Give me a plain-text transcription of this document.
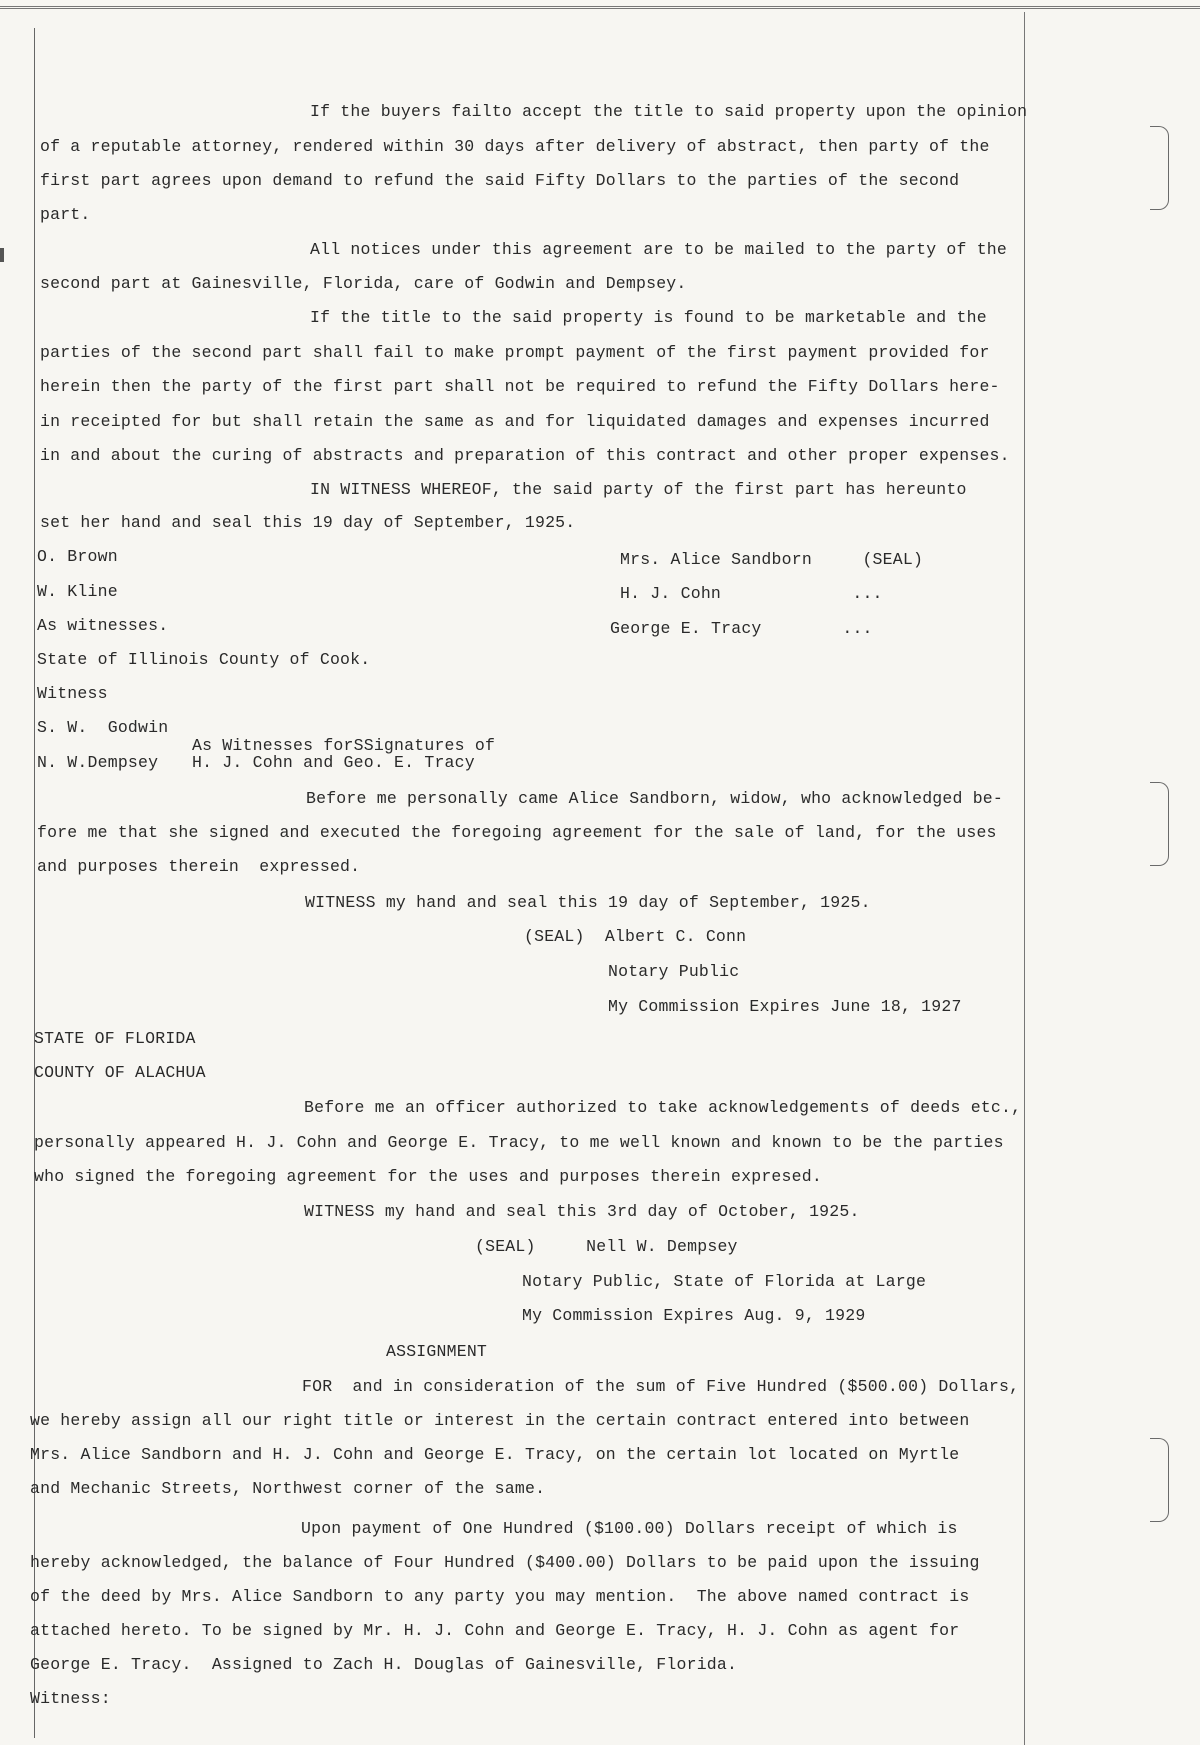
If the buyers failto accept the title to said property upon the opinion
of a reputable attorney, rendered within 30 days after delivery of abstract, then party of the
first part agrees upon demand to refund the said Fifty Dollars to the parties of the second
part.
All notices under this agreement are to be mailed to the party of the
second part at Gainesville, Florida, care of Godwin and Dempsey.
If the title to the said property is found to be marketable and the
parties of the second part shall fail to make prompt payment of the first payment provided for
herein then the party of the first part shall not be required to refund the Fifty Dollars here-
in receipted for but shall retain the same as and for liquidated damages and expenses incurred
in and about the curing of abstracts and preparation of this contract and other proper expenses.
IN WITNESS WHEREOF, the said party of the first part has hereunto
set her hand and seal this 19 day of September, 1925.
O. Brown	Mrs. Alice Sandborn     (SEAL)
W. Kline	H. J. Cohn             ...
As witnesses.	George E. Tracy        ...
State of Illinois County of Cook.
Witness
S. W.  Godwin
As Witnesses forSSignatures of
N. W.Dempsey H. J. Cohn and Geo. E. Tracy
Before me personally came Alice Sandborn, widow, who acknowledged be-
fore me that she signed and executed the foregoing agreement for the sale of land, for the uses
and purposes therein  expressed.
WITNESS my hand and seal this 19 day of September, 1925.
(SEAL)  Albert C. Conn
Notary Public
My Commission Expires June 18, 1927
STATE OF FLORIDA
COUNTY OF ALACHUA
Before me an officer authorized to take acknowledgements of deeds etc.,
personally appeared H. J. Cohn and George E. Tracy, to me well known and known to be the parties
who signed the foregoing agreement for the uses and purposes therein expresed.
WITNESS my hand and seal this 3rd day of October, 1925.
(SEAL)     Nell W. Dempsey
Notary Public, State of Florida at Large
My Commission Expires Aug. 9, 1929
ASSIGNMENT
FOR  and in consideration of the sum of Five Hundred ($500.00) Dollars,
we hereby assign all our right title or interest in the certain contract entered into between
Mrs. Alice Sandborn and H. J. Cohn and George E. Tracy, on the certain lot located on Myrtle
and Mechanic Streets, Northwest corner of the same.
Upon payment of One Hundred ($100.00) Dollars receipt of which is
hereby acknowledged, the balance of Four Hundred ($400.00) Dollars to be paid upon the issuing
of the deed by Mrs. Alice Sandborn to any party you may mention.  The above named contract is
attached hereto. To be signed by Mr. H. J. Cohn and George E. Tracy, H. J. Cohn as agent for
George E. Tracy.  Assigned to Zach H. Douglas of Gainesville, Florida.
Witness:
